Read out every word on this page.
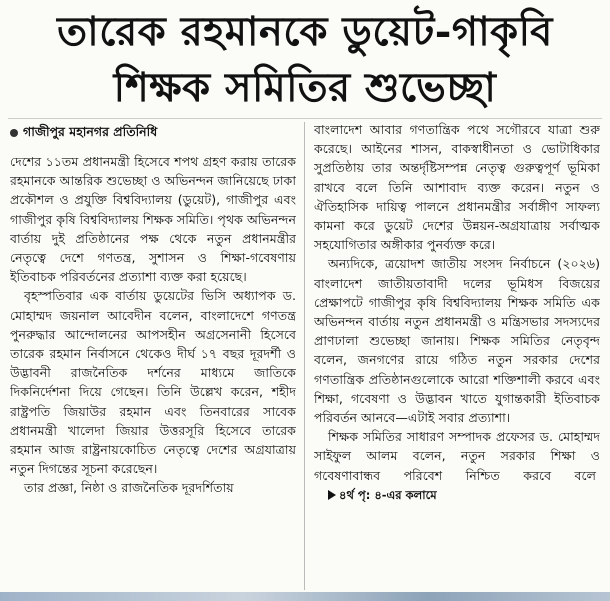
তারেক রহমানকে ডুয়েট-গাকৃবি
শিক্ষক সমিতির শুভেচ্ছা
গাজীপুর মহানগর প্রতিনিধি

দেশের ১১তম প্রধানমন্ত্রী হিসেবে শপথ গ্রহণ করায় তারেক রহমানকে আন্তরিক শুভেচ্ছা ও অভিনন্দন জানিয়েছে ঢাকা প্রকৌশল ও প্রযুক্তি বিশ্ববিদ্যালয় (ডুয়েট), গাজীপুর এবং গাজীপুর কৃষি বিশ্ববিদ্যালয় শিক্ষক সমিতি। পৃথক অভিনন্দন বার্তায় দুই প্রতিষ্ঠানের পক্ষ থেকে নতুন প্রধানমন্ত্রীর নেতৃত্বে দেশে গণতন্ত্র, সুশাসন ও শিক্ষা-গবেষণায় ইতিবাচক পরিবর্তনের প্রত্যাশা ব্যক্ত করা হয়েছে।

বৃহস্পতিবার এক বার্তায় ডুয়েটের ভিসি অধ্যাপক ড. মোহাম্মদ জয়নাল আবেদীন বলেন, বাংলাদেশে গণতন্ত্র পুনরুদ্ধার আন্দোলনের আপসহীন অগ্রসেনানী হিসেবে তারেক রহমান নির্বাসনে থেকেও দীর্ঘ ১৭ বছর দূরদর্শী ও উদ্ভাবনী রাজনৈতিক দর্শনের মাধ্যমে জাতিকে দিকনির্দেশনা দিয়ে গেছেন। তিনি উল্লেখ করেন, শহীদ রাষ্ট্রপতি জিয়াউর রহমান এবং তিনবারের সাবেক প্রধানমন্ত্রী খালেদা জিয়ার উত্তরসূরি হিসেবে তারেক রহমান আজ রাষ্ট্রনায়কোচিত নেতৃত্বে দেশের অগ্রযাত্রায় নতুন দিগন্তের সূচনা করেছেন।

তার প্রজ্ঞা, নিষ্ঠা ও রাজনৈতিক দূরদর্শিতায়

বাংলাদেশ আবার গণতান্ত্রিক পথে সগৌরবে যাত্রা শুরু করেছে। আইনের শাসন, বাকস্বাধীনতা ও ভোটাধিকার সুপ্রতিষ্ঠায় তার অন্তর্দৃষ্টিসম্পন্ন নেতৃত্ব গুরুত্বপূর্ণ ভূমিকা রাখবে বলে তিনি আশাবাদ ব্যক্ত করেন। নতুন ও ঐতিহাসিক দায়িত্ব পালনে প্রধানমন্ত্রীর সর্বাঙ্গীণ সাফল্য কামনা করে ডুয়েট দেশের উন্নয়ন-অগ্রযাত্রায় সর্বাত্মক সহযোগিতার অঙ্গীকার পুনর্ব্যক্ত করে।

অন্যদিকে, ত্রয়োদশ জাতীয় সংসদ নির্বাচনে (২০২৬) বাংলাদেশ জাতীয়তাবাদী দলের ভূমিধস বিজয়ের প্রেক্ষাপটে গাজীপুর কৃষি বিশ্ববিদ্যালয় শিক্ষক সমিতি এক অভিনন্দন বার্তায় নতুন প্রধানমন্ত্রী ও মন্ত্রিসভার সদস্যদের প্রাণঢালা শুভেচ্ছা জানায়। শিক্ষক সমিতির নেতৃবৃন্দ বলেন, জনগণের রায়ে গঠিত নতুন সরকার দেশের গণতান্ত্রিক প্রতিষ্ঠানগুলোকে আরো শক্তিশালী করবে এবং শিক্ষা, গবেষণা ও উদ্ভাবন খাতে যুগান্তকারী ইতিবাচক পরিবর্তন আনবে—এটাই সবার প্রত্যাশা।

শিক্ষক সমিতির সাধারণ সম্পাদক প্রফেসর ড. মোহাম্মদ সাইফুল আলম বলেন, নতুন সরকার শিক্ষা ও গবেষণাবান্ধব পরিবেশ নিশ্চিত করবে বলে ৪র্থ পৃ: ৪-এর কলামে
